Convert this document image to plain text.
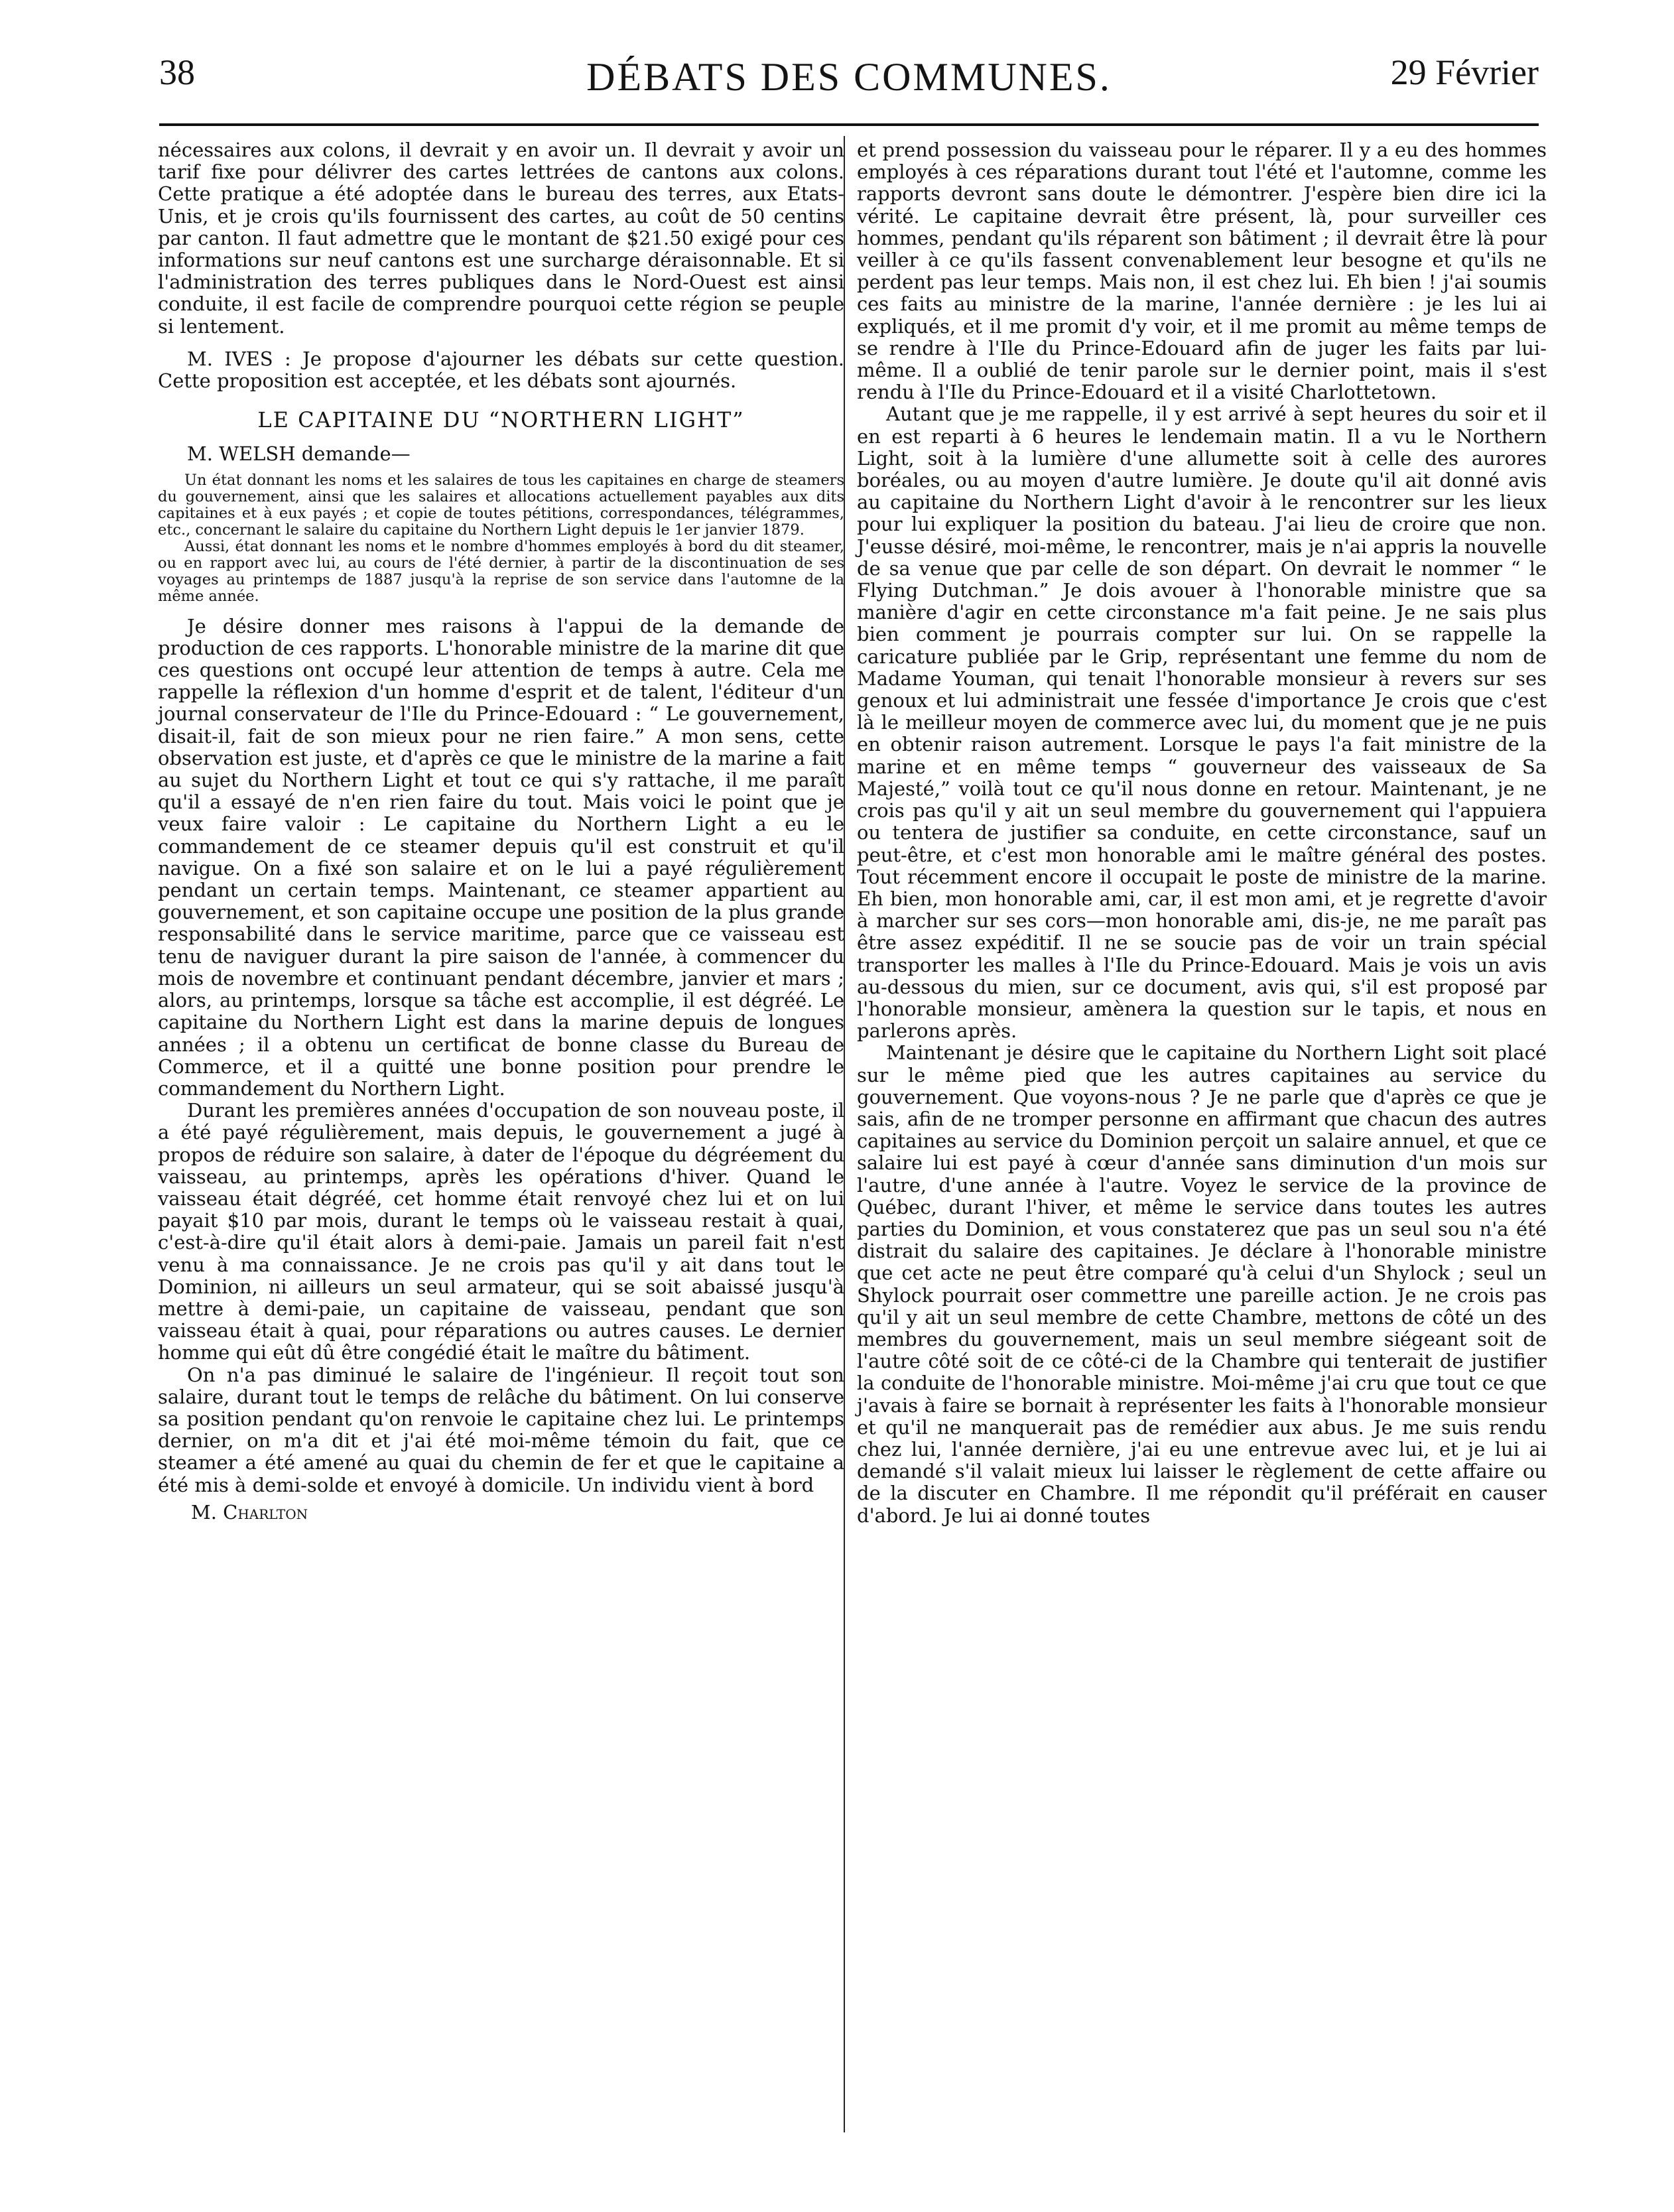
38	DÉBATS DES COMMUNES.	29 Février

nécessaires aux colons, il devrait y en avoir un. Il devrait y avoir un tarif fixe pour délivrer des cartes lettrées de cantons aux colons. Cette pratique a été adoptée dans le bureau des terres, aux Etats-Unis, et je crois qu'ils fournissent des cartes, au coût de 50 centins par canton. Il faut admettre que le montant de $21.50 exigé pour ces informations sur neuf cantons est une surcharge déraisonnable. Et si l'administration des terres publiques dans le Nord-Ouest est ainsi conduite, il est facile de comprendre pourquoi cette région se peuple si lentement.

M. IVES : Je propose d'ajourner les débats sur cette question. Cette proposition est acceptée, et les débats sont ajournés.

LE CAPITAINE DU “NORTHERN LIGHT”

M. WELSH demande—

Un état donnant les noms et les salaires de tous les capitaines en charge de steamers du gouvernement, ainsi que les salaires et allocations actuellement payables aux dits capitaines et à eux payés ; et copie de toutes pétitions, correspondances, télégrammes, etc., concernant le salaire du capitaine du Northern Light depuis le 1er janvier 1879.

Aussi, état donnant les noms et le nombre d'hommes employés à bord du dit steamer, ou en rapport avec lui, au cours de l'été dernier, à partir de la discontinuation de ses voyages au printemps de 1887 jusqu'à la reprise de son service dans l'automne de la même année.

Je désire donner mes raisons à l'appui de la demande de production de ces rapports. L'honorable ministre de la marine dit que ces questions ont occupé leur attention de temps à autre. Cela me rappelle la réflexion d'un homme d'esprit et de talent, l'éditeur d'un journal conservateur de l'Ile du Prince-Edouard : “ Le gouvernement, disait-il, fait de son mieux pour ne rien faire.” A mon sens, cette observation est juste, et d'après ce que le ministre de la marine a fait au sujet du Northern Light et tout ce qui s'y rattache, il me paraît qu'il a essayé de n'en rien faire du tout. Mais voici le point que je veux faire valoir : Le capitaine du Northern Light a eu le commandement de ce steamer depuis qu'il est construit et qu'il navigue. On a fixé son salaire et on le lui a payé régulièrement pendant un certain temps. Maintenant, ce steamer appartient au gouvernement, et son capitaine occupe une position de la plus grande responsabilité dans le service maritime, parce que ce vaisseau est tenu de naviguer durant la pire saison de l'année, à commencer du mois de novembre et continuant pendant décembre, janvier et mars ; alors, au printemps, lorsque sa tâche est accomplie, il est dégréé. Le capitaine du Northern Light est dans la marine depuis de longues années ; il a obtenu un certificat de bonne classe du Bureau de Commerce, et il a quitté une bonne position pour prendre le commandement du Northern Light.

Durant les premières années d'occupation de son nouveau poste, il a été payé régulièrement, mais depuis, le gouvernement a jugé à propos de réduire son salaire, à dater de l'époque du dégréement du vaisseau, au printemps, après les opérations d'hiver. Quand le vaisseau était dégréé, cet homme était renvoyé chez lui et on lui payait $10 par mois, durant le temps où le vaisseau restait à quai, c'est-à-dire qu'il était alors à demi-paie. Jamais un pareil fait n'est venu à ma connaissance. Je ne crois pas qu'il y ait dans tout le Dominion, ni ailleurs un seul armateur, qui se soit abaissé jusqu'à mettre à demi-paie, un capitaine de vaisseau, pendant que son vaisseau était à quai, pour réparations ou autres causes. Le dernier homme qui eût dû être congédié était le maître du bâtiment.

On n'a pas diminué le salaire de l'ingénieur. Il reçoit tout son salaire, durant tout le temps de relâche du bâtiment. On lui conserve sa position pendant qu'on renvoie le capitaine chez lui. Le printemps dernier, on m'a dit et j'ai été moi-même témoin du fait, que ce steamer a été amené au quai du chemin de fer et que le capitaine a été mis à demi-solde et envoyé à domicile. Un individu vient à bord

M. Charlton

et prend possession du vaisseau pour le réparer. Il y a eu des hommes employés à ces réparations durant tout l'été et l'automne, comme les rapports devront sans doute le démontrer. J'espère bien dire ici la vérité. Le capitaine devrait être présent, là, pour surveiller ces hommes, pendant qu'ils réparent son bâtiment ; il devrait être là pour veiller à ce qu'ils fassent convenablement leur besogne et qu'ils ne perdent pas leur temps. Mais non, il est chez lui. Eh bien ! j'ai soumis ces faits au ministre de la marine, l'année dernière : je les lui ai expliqués, et il me promit d'y voir, et il me promit au même temps de se rendre à l'Ile du Prince-Edouard afin de juger les faits par lui-même. Il a oublié de tenir parole sur le dernier point, mais il s'est rendu à l'Ile du Prince-Edouard et il a visité Charlottetown.

Autant que je me rappelle, il y est arrivé à sept heures du soir et il en est reparti à 6 heures le lendemain matin. Il a vu le Northern Light, soit à la lumière d'une allumette soit à celle des aurores boréales, ou au moyen d'autre lumière. Je doute qu'il ait donné avis au capitaine du Northern Light d'avoir à le rencontrer sur les lieux pour lui expliquer la position du bateau. J'ai lieu de croire que non. J'eusse désiré, moi-même, le rencontrer, mais je n'ai appris la nouvelle de sa venue que par celle de son départ. On devrait le nommer “ le Flying Dutchman.” Je dois avouer à l'honorable ministre que sa manière d'agir en cette circonstance m'a fait peine. Je ne sais plus bien comment je pourrais compter sur lui. On se rappelle la caricature publiée par le Grip, représentant une femme du nom de Madame Youman, qui tenait l'honorable monsieur à revers sur ses genoux et lui administrait une fessée d'importance Je crois que c'est là le meilleur moyen de commerce avec lui, du moment que je ne puis en obtenir raison autrement. Lorsque le pays l'a fait ministre de la marine et en même temps “ gouverneur des vaisseaux de Sa Majesté,” voilà tout ce qu'il nous donne en retour. Maintenant, je ne crois pas qu'il y ait un seul membre du gouvernement qui l'appuiera ou tentera de justifier sa conduite, en cette circonstance, sauf un peut-être, et c'est mon honorable ami le maître général des postes. Tout récemment encore il occupait le poste de ministre de la marine. Eh bien, mon honorable ami, car, il est mon ami, et je regrette d'avoir à marcher sur ses cors—mon honorable ami, dis-je, ne me paraît pas être assez expéditif. Il ne se soucie pas de voir un train spécial transporter les malles à l'Ile du Prince-Edouard. Mais je vois un avis au-dessous du mien, sur ce document, avis qui, s'il est proposé par l'honorable monsieur, amènera la question sur le tapis, et nous en parlerons après.

Maintenant je désire que le capitaine du Northern Light soit placé sur le même pied que les autres capitaines au service du gouvernement. Que voyons-nous ? Je ne parle que d'après ce que je sais, afin de ne tromper personne en affirmant que chacun des autres capitaines au service du Dominion perçoit un salaire annuel, et que ce salaire lui est payé à cœur d'année sans diminution d'un mois sur l'autre, d'une année à l'autre. Voyez le service de la province de Québec, durant l'hiver, et même le service dans toutes les autres parties du Dominion, et vous constaterez que pas un seul sou n'a été distrait du salaire des capitaines. Je déclare à l'honorable ministre que cet acte ne peut être comparé qu'à celui d'un Shylock ; seul un Shylock pourrait oser commettre une pareille action. Je ne crois pas qu'il y ait un seul membre de cette Chambre, mettons de côté un des membres du gouvernement, mais un seul membre siégeant soit de l'autre côté soit de ce côté-ci de la Chambre qui tenterait de justifier la conduite de l'honorable ministre. Moi-même j'ai cru que tout ce que j'avais à faire se bornait à représenter les faits à l'honorable monsieur et qu'il ne manquerait pas de remédier aux abus. Je me suis rendu chez lui, l'année dernière, j'ai eu une entrevue avec lui, et je lui ai demandé s'il valait mieux lui laisser le règlement de cette affaire ou de la discuter en Chambre. Il me répondit qu'il préférait en causer d'abord. Je lui ai donné toutes
